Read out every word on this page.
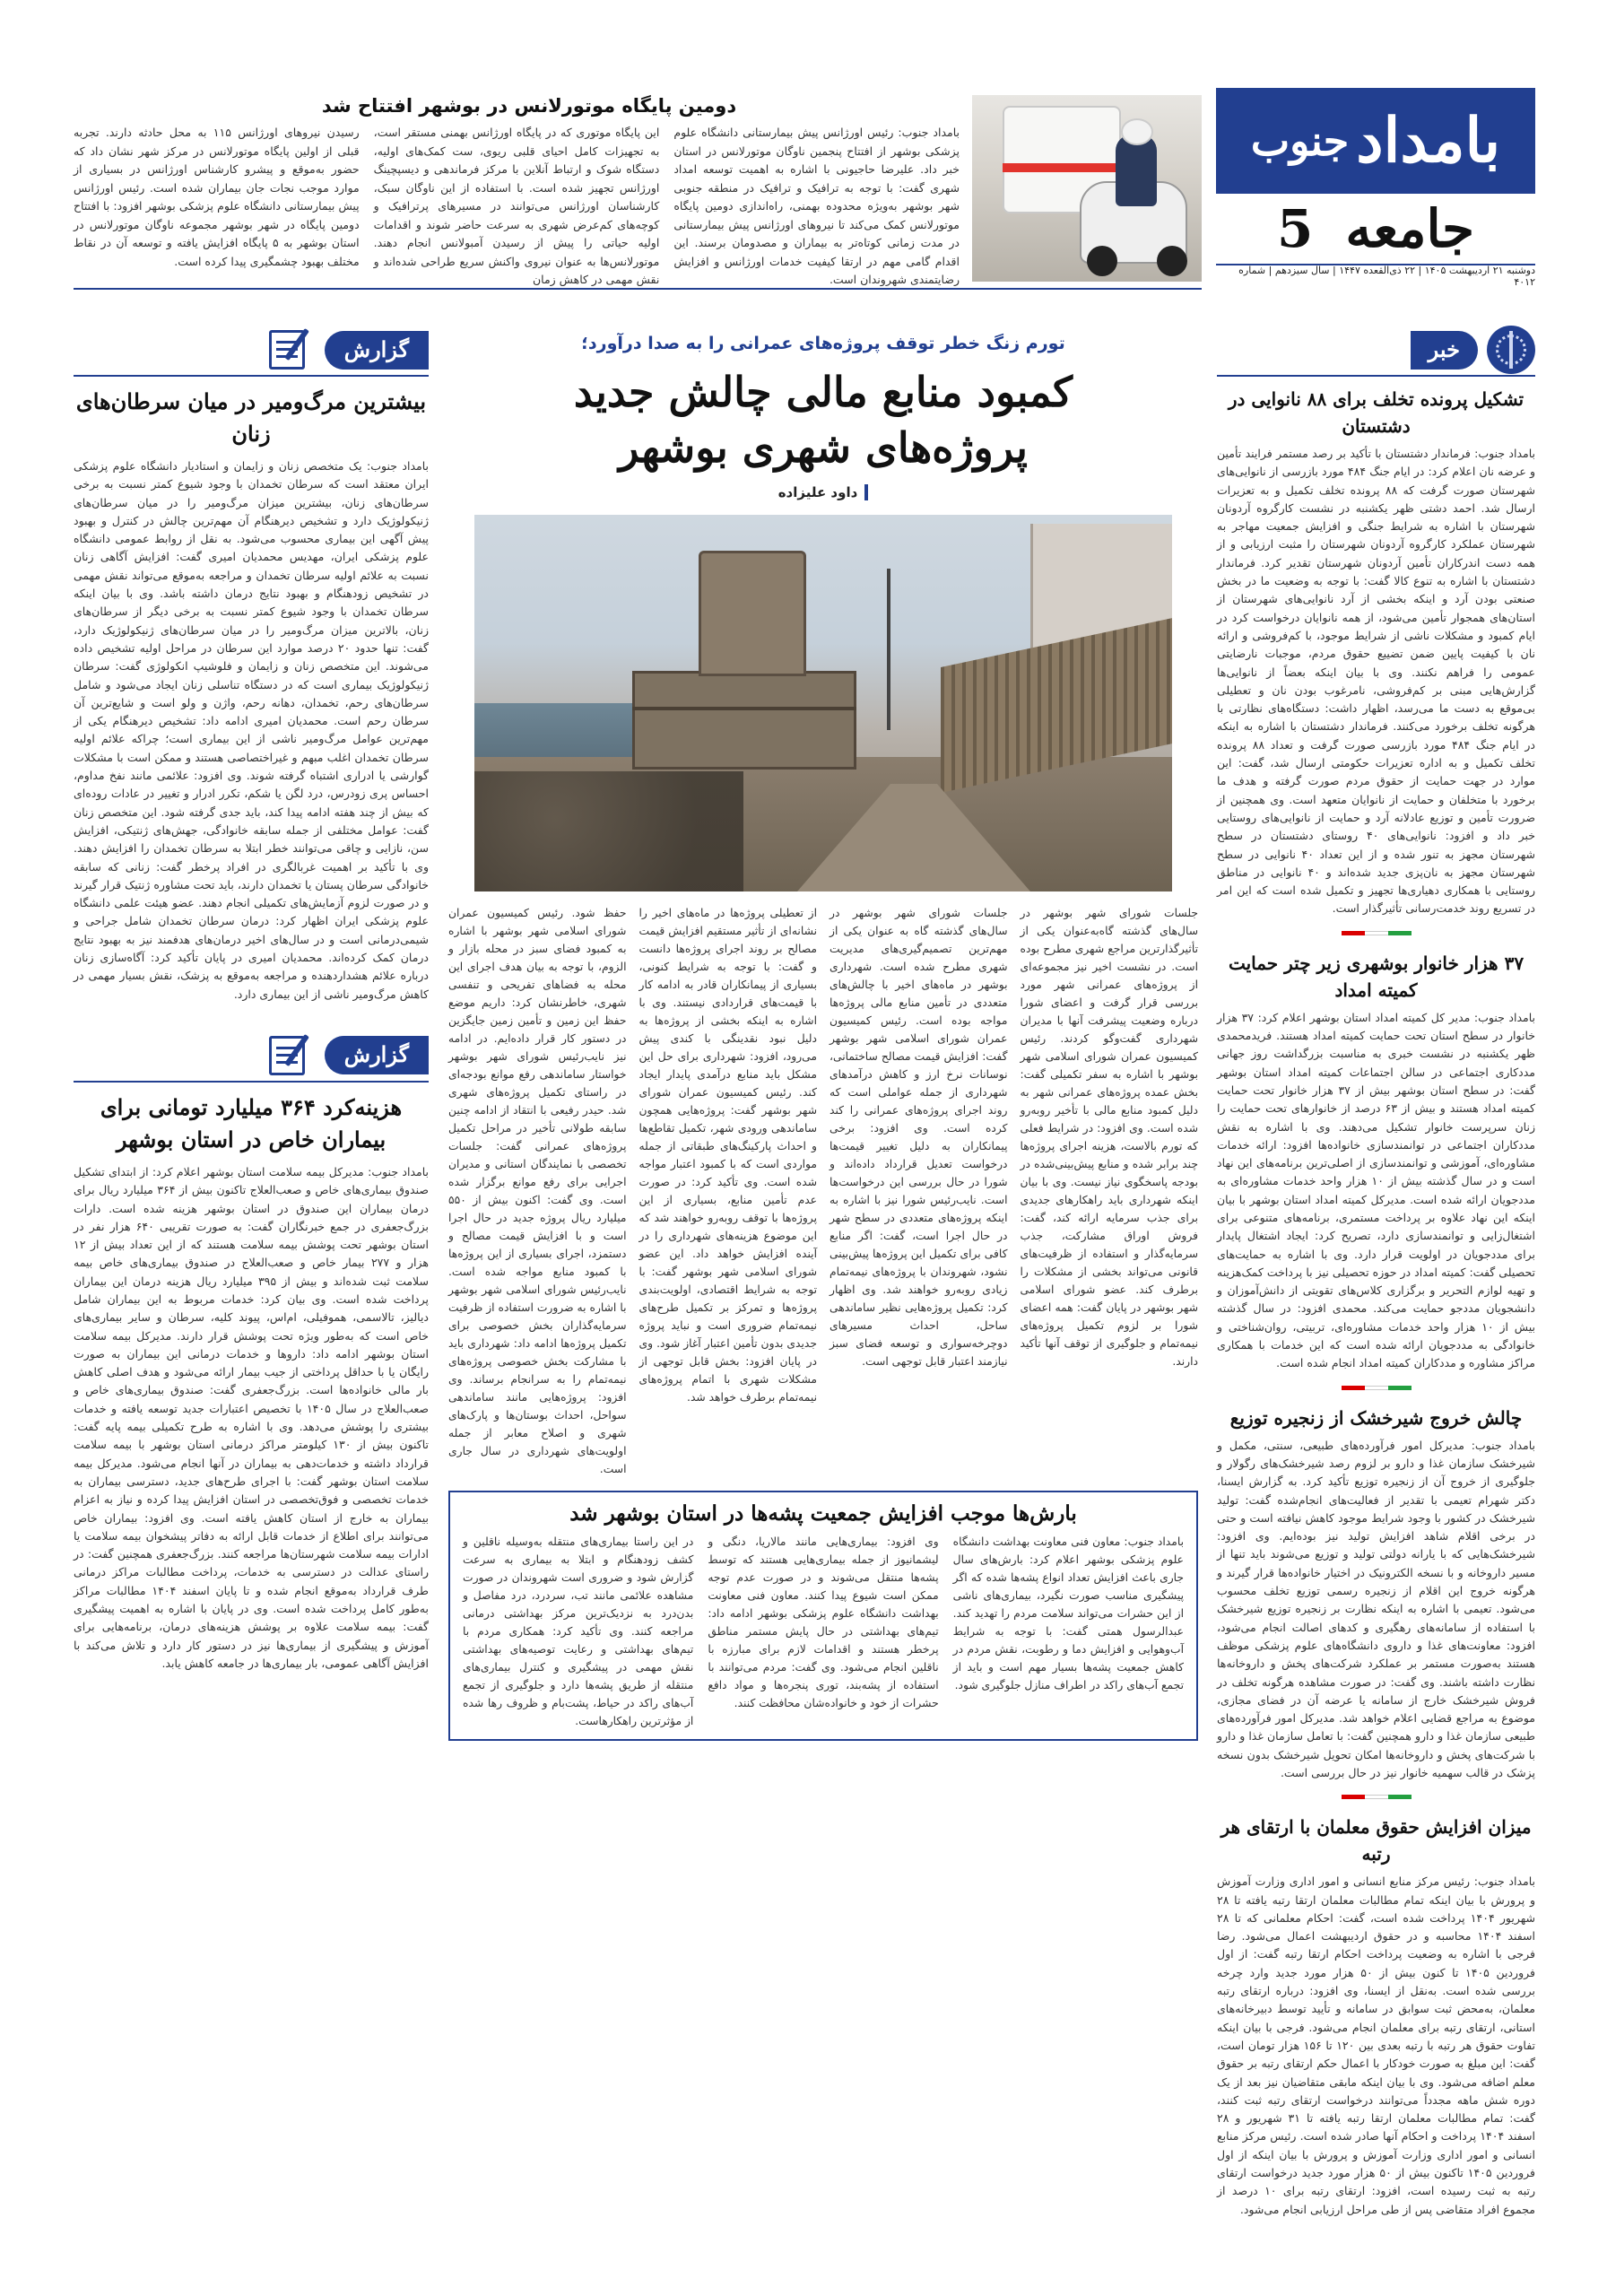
بامداد
جنوب
جامعه
5
دوشنبه ۲۱ اردیبهشت ۱۴۰۵ | ۲۲ ذی‌القعده ۱۴۴۷ | سال سیزدهم | شماره ۴۰۱۲
دومین پایگاه موتورلانس در بوشهر افتتاح شد

بامداد جنوب: رئیس اورژانس پیش بیمارستانی دانشگاه علوم پزشکی بوشهر از افتتاح پنجمین ناوگان موتورلانس در استان خبر داد. علیرضا حاجیونی با اشاره به اهمیت توسعه امداد شهری گفت: با توجه به ترافیک و ترافیک در منطقه جنوبی شهر بوشهر به‌ویژه محدوده بهمنی، راه‌اندازی دومین پایگاه موتورلانس کمک می‌کند تا نیروهای اورژانس پیش بیمارستانی در مدت زمانی کوتاه‌تر به بیماران و مصدومان برسند. این اقدام گامی مهم در ارتقا کیفیت خدمات اورژانس و افزایش رضایتمندی شهروندان است.

این پایگاه موتوری که در پایگاه اورژانس بهمنی مستقر است، به تجهیزات کامل احیای قلبی ریوی، ست کمک‌های اولیه، دستگاه شوک و ارتباط آنلاین با مرکز فرماندهی و دیسپچینگ اورژانس تجهیز شده است. با استفاده از این ناوگان سبک، کارشناسان اورژانس می‌توانند در مسیرهای پرترافیک و کوچه‌های کم‌عرض شهری به سرعت حاضر شوند و اقدامات اولیه حیاتی را پیش از رسیدن آمبولانس انجام دهند. موتورلانس‌ها به عنوان نیروی واکنش سریع طراحی شده‌اند و نقش مهمی در کاهش زمان

رسیدن نیروهای اورژانس ۱۱۵ به محل حادثه دارند. تجربه قبلی از اولین پایگاه موتورلانس در مرکز شهر نشان داد که حضور به‌موقع و پیشرو کارشناس اورژانس در بسیاری از موارد موجب نجات جان بیماران شده است. رئیس اورژانس پیش بیمارستانی دانشگاه علوم پزشکی بوشهر افزود: با افتتاح دومین پایگاه در شهر بوشهر مجموعه ناوگان موتورلانس در استان بوشهر به ۵ پایگاه افزایش یافته و توسعه آن در نقاط مختلف بهبود چشمگیری پیدا کرده است.

خبر
تشکیل پرونده تخلف برای ۸۸ نانوایی در دشتستان

بامداد جنوب: فرماندار دشتستان با تأکید بر رصد مستمر فرایند تأمین و عرضه نان اعلام کرد: در ایام جنگ ۴۸۴ مورد بازرسی از نانوایی‌های شهرستان صورت گرفت که ۸۸ پرونده تخلف تکمیل و به تعزیرات ارسال شد. احمد دشتی ظهر یکشنبه در نشست کارگروه آردونان شهرستان با اشاره به شرایط جنگی و افزایش جمعیت مهاجر به شهرستان عملکرد کارگروه آردونان شهرستان را مثبت ارزیابی و از همه دست اندرکاران تأمین آردونان شهرستان تقدیر کرد. فرماندار دشتستان با اشاره به تنوع کالا گفت: با توجه به وضعیت ما در بخش صنعتی بودن آرد و اینکه بخشی از آرد نانوایی‌های شهرستان از استان‌های همجوار تأمین می‌شود، از همه نانوایان درخواست کرد در ایام کمبود و مشکلات ناشی از شرایط موجود، با کم‌فروشی و ارائه نان با کیفیت پایین ضمن تضییع حقوق مردم، موجبات نارضایتی عمومی را فراهم نکنند. وی با بیان اینکه بعضاً از نانوایی‌ها گزارش‌هایی مبنی بر کم‌فروشی، نامرغوب بودن نان و تعطیلی بی‌موقع به دست ما می‌رسد، اظهار داشت: دستگاه‌های نظارتی با هرگونه تخلف برخورد می‌کنند. فرماندار دشتستان با اشاره به اینکه در ایام جنگ ۴۸۴ مورد بازرسی صورت گرفت و تعداد ۸۸ پرونده تخلف تکمیل و به اداره تعزیرات حکومتی ارسال شد، گفت: این موارد در جهت حمایت از حقوق مردم صورت گرفته و هدف ما برخورد با متخلفان و حمایت از نانوایان متعهد است. وی همچنین از ضرورت تأمین و توزیع عادلانه آرد و حمایت از نانوایی‌های روستایی خبر داد و افزود: نانوایی‌های ۴۰ روستای دشتستان در سطح شهرستان مجهز به تنور شده و از این تعداد ۴۰ نانوایی در سطح شهرستان مجهز به نان‌پزی جدید شده‌اند و ۴۰ نانوایی در مناطق روستایی با همکاری دهیاری‌ها تجهیز و تکمیل شده است که این امر در تسریع روند خدمت‌رسانی تأثیرگذار است.

۳۷ هزار خانوار بوشهری زیر چتر حمایت کمیته امداد

بامداد جنوب: مدیر کل کمیته امداد استان بوشهر اعلام کرد: ۳۷ هزار خانوار در سطح استان تحت حمایت کمیته امداد هستند. فریدمحمدی ظهر یکشنبه در نشست خبری به مناسبت بزرگداشت روز جهانی مددکاری اجتماعی در سالن اجتماعات کمیته امداد استان بوشهر گفت: در سطح استان بوشهر بیش از ۳۷ هزار خانوار تحت حمایت کمیته امداد هستند و بیش از ۶۳ درصد از خانوارهای تحت حمایت را زنان سرپرست خانوار تشکیل می‌دهند. وی با اشاره به نقش مددکاران اجتماعی در توانمندسازی خانواده‌ها افزود: ارائه خدمات مشاوره‌ای، آموزشی و توانمندسازی از اصلی‌ترین برنامه‌های این نهاد است و در سال گذشته بیش از ۱۰ هزار واحد خدمات مشاوره‌ای به مددجویان ارائه شده است. مدیرکل کمیته امداد استان بوشهر با بیان اینکه این نهاد علاوه بر پرداخت مستمری، برنامه‌های متنوعی برای اشتغال‌زایی و توانمندسازی دارد، تصریح کرد: ایجاد اشتغال پایدار برای مددجویان در اولویت قرار دارد. وی با اشاره به حمایت‌های تحصیلی گفت: کمیته امداد در حوزه تحصیلی نیز با پرداخت کمک‌هزینه و تهیه لوازم التحریر و برگزاری کلاس‌های تقویتی از دانش‌آموزان و دانشجویان مددجو حمایت می‌کند. محمدی افزود: در سال گذشته بیش از ۱۰ هزار واحد خدمات مشاوره‌ای، تربیتی، روان‌شناختی و خانوادگی به مددجویان ارائه شده است که این خدمات با همکاری مراکز مشاوره و مددکاران کمیته امداد انجام شده است.

چالش خروج شیرخشک از زنجیره توزیع

بامداد جنوب: مدیرکل امور فرآورده‌های طبیعی، سنتی، مکمل و شیرخشک سازمان غذا و دارو بر لزوم رصد شیرخشک‌های رگولار و جلوگیری از خروج آن از زنجیره توزیع تأکید کرد. به گزارش ایسنا، دکتر شهرام تعیمی با تقدیر از فعالیت‌های انجام‌شده گفت: تولید شیرخشک در کشور با وجود شرایط موجود کاهش نیافته است و حتی در برخی اقلام شاهد افزایش تولید نیز بوده‌ایم. وی افزود: شیرخشک‌هایی که با یارانه دولتی تولید و توزیع می‌شوند باید تنها از مسیر داروخانه و با نسخه الکترونیک در اختیار خانواده‌ها قرار گیرند و هرگونه خروج این اقلام از زنجیره رسمی توزیع تخلف محسوب می‌شود. تعیمی با اشاره به اینکه نظارت بر زنجیره توزیع شیرخشک با استفاده از سامانه‌های رهگیری و کدهای اصالت انجام می‌شود، افزود: معاونت‌های غذا و داروی دانشگاه‌های علوم پزشکی موظف هستند به‌صورت مستمر بر عملکرد شرکت‌های پخش و داروخانه‌ها نظارت داشته باشند. وی گفت: در صورت مشاهده هرگونه تخلف در فروش شیرخشک خارج از سامانه یا عرضه آن در فضای مجازی، موضوع به مراجع قضایی اعلام خواهد شد. مدیرکل امور فرآورده‌های طبیعی سازمان غذا و دارو همچنین گفت: با تعامل سازمان غذا و دارو با شرکت‌های پخش و داروخانه‌ها امکان تحویل شیرخشک بدون نسخه پزشک در قالب سهمیه خانوار نیز در حال بررسی است.

میزان افزایش حقوق معلمان با ارتقای هر رتبه

بامداد جنوب: رئیس مرکز منابع انسانی و امور اداری وزارت آموزش و پرورش با بیان اینکه تمام مطالبات معلمان ارتقا رتبه یافته تا ۲۸ شهریور ۱۴۰۴ پرداخت شده است، گفت: احکام معلمانی که تا ۲۸ اسفند ۱۴۰۴ محاسبه و در حقوق اردیبهشت اعمال می‌شود. رضا فرجی با اشاره به وضعیت پرداخت احکام ارتقا رتبه گفت: از اول فروردین ۱۴۰۵ تا کنون بیش از ۵۰ هزار مورد جدید وارد چرخه بررسی شده است. به‌نقل از ایسنا، وی افزود: درباره ارتقای رتبه معلمان، به‌محض ثبت سوابق در سامانه و تأیید توسط دبیرخانه‌های استانی، ارتقای رتبه برای معلمان انجام می‌شود. فرجی با بیان اینکه تفاوت حقوق هر رتبه با رتبه بعدی بین ۱۲۰ تا ۱۵۶ هزار تومان است، گفت: این مبلغ به صورت خودکار با اعمال حکم ارتقای رتبه بر حقوق معلم اضافه می‌شود. وی با بیان اینکه مابقی متقاضیان نیز بعد از یک دوره شش ماهه مجدداً می‌توانند درخواست ارتقای رتبه ثبت کنند، گفت: تمام مطالبات معلمان ارتقا رتبه یافته تا ۳۱ شهریور و ۲۸ اسفند ۱۴۰۴ پرداخت و احکام آنها صادر شده است. رئیس مرکز منابع انسانی و امور اداری وزارت آموزش و پرورش با بیان اینکه از اول فروردین ۱۴۰۵ تاکنون بیش از ۵۰ هزار مورد جدید درخواست ارتقای رتبه به ثبت رسیده است، افزود: ارتقای رتبه برای ۱۰ درصد از مجموع افراد متقاضی پس از طی مراحل ارزیابی انجام می‌شود.

گزارش
بیشترین مرگ‌ومیر در میان سرطان‌های زنان

بامداد جنوب: یک متخصص زنان و زایمان و استادیار دانشگاه علوم پزشکی ایران معتقد است که سرطان تخمدان با وجود شیوع کمتر نسبت به برخی سرطان‌های زنان، بیشترین میزان مرگ‌ومیر را در میان سرطان‌های ژنیکولوژیک دارد و تشخیص دیرهنگام آن مهم‌ترین چالش در کنترل و بهبود پیش آگهی این بیماری محسوب می‌شود. به نقل از روابط عمومی دانشگاه علوم پزشکی ایران، مهدیس محمدیان امیری گفت: افزایش آگاهی زنان نسبت به علائم اولیه سرطان تخمدان و مراجعه به‌موقع می‌تواند نقش مهمی در تشخیص زودهنگام و بهبود نتایج درمان داشته باشد. وی با بیان اینکه سرطان تخمدان با وجود شیوع کمتر نسبت به برخی دیگر از سرطان‌های زنان، بالاترین میزان مرگ‌ومیر را در میان سرطان‌های ژنیکولوژیک دارد، گفت: تنها حدود ۲۰ درصد موارد این سرطان در مراحل اولیه تشخیص داده می‌شوند. این متخصص زنان و زایمان و فلوشیپ انکولوژی گفت: سرطان ژنیکولوژیک بیماری است که در دستگاه تناسلی زنان ایجاد می‌شود و شامل سرطان‌های رحم، تخمدان، دهانه رحم، واژن و ولو است و شایع‌ترین آن سرطان رحم است. محمدیان امیری ادامه داد: تشخیص دیرهنگام یکی از مهم‌ترین عوامل مرگ‌ومیر ناشی از این بیماری است؛ چراکه علائم اولیه سرطان تخمدان اغلب مبهم و غیراختصاصی هستند و ممکن است با مشکلات گوارشی یا ادراری اشتباه گرفته شوند. وی افزود: علائمی مانند نفخ مداوم، احساس پری زودرس، درد لگن یا شکم، تکرر ادرار و تغییر در عادات روده‌ای که بیش از چند هفته ادامه پیدا کند، باید جدی گرفته شود. این متخصص زنان گفت: عوامل مختلفی از جمله سابقه خانوادگی، جهش‌های ژنتیکی، افزایش سن، نازایی و چاقی می‌توانند خطر ابتلا به سرطان تخمدان را افزایش دهند. وی با تأکید بر اهمیت غربالگری در افراد پرخطر گفت: زنانی که سابقه خانوادگی سرطان پستان یا تخمدان دارند، باید تحت مشاوره ژنتیک قرار گیرند و در صورت لزوم آزمایش‌های تکمیلی انجام دهند. عضو هیئت علمی دانشگاه علوم پزشکی ایران اظهار کرد: درمان سرطان تخمدان شامل جراحی و شیمی‌درمانی است و در سال‌های اخیر درمان‌های هدفمند نیز به بهبود نتایج درمان کمک کرده‌اند. محمدیان امیری در پایان تأکید کرد: آگاه‌سازی زنان درباره علائم هشداردهنده و مراجعه به‌موقع به پزشک، نقش بسیار مهمی در کاهش مرگ‌ومیر ناشی از این بیماری دارد.

گزارش
هزینه‌کرد ۳۶۴ میلیارد تومانی برای بیماران خاص در استان بوشهر

بامداد جنوب: مدیرکل بیمه سلامت استان بوشهر اعلام کرد: از ابتدای تشکیل صندوق بیماری‌های خاص و صعب‌العلاج تاکنون بیش از ۳۶۴ میلیارد ریال برای درمان بیماران این صندوق در استان بوشهر هزینه شده است. دارات بزرگ‌جعفری در جمع خبرنگاران گفت: به صورت تقریبی ۶۴۰ هزار نفر در استان بوشهر تحت پوشش بیمه سلامت هستند که از این تعداد بیش از ۱۲ هزار و ۲۷۷ بیمار خاص و صعب‌العلاج در صندوق بیماری‌های خاص بیمه سلامت ثبت شده‌اند و بیش از ۳۹۵ میلیارد ریال هزینه درمان این بیماران پرداخت شده است. وی بیان کرد: خدمات مربوط به این بیماران شامل دیالیز، تالاسمی، هموفیلی، ام‌اس، پیوند کلیه، سرطان و سایر بیماری‌های خاص است که به‌طور ویژه تحت پوشش قرار دارند. مدیرکل بیمه سلامت استان بوشهر ادامه داد: داروها و خدمات درمانی این بیماران به صورت رایگان یا با حداقل پرداختی از جیب بیمار ارائه می‌شود و هدف اصلی کاهش بار مالی خانواده‌ها است. بزرگ‌جعفری گفت: صندوق بیماری‌های خاص و صعب‌العلاج در سال ۱۴۰۵ با تخصیص اعتبارات جدید توسعه یافته و خدمات بیشتری را پوشش می‌دهد. وی با اشاره به طرح تکمیلی بیمه پایه گفت: تاکنون بیش از ۱۳۰ کیلومتر مراکز درمانی استان بوشهر با بیمه سلامت قرارداد داشته و خدمات‌دهی به بیماران در آنها انجام می‌شود. مدیرکل بیمه سلامت استان بوشهر گفت: با اجرای طرح‌های جدید، دسترسی بیماران به خدمات تخصصی و فوق‌تخصصی در استان افزایش پیدا کرده و نیاز به اعزام بیماران به خارج از استان کاهش یافته است. وی افزود: بیماران خاص می‌توانند برای اطلاع از خدمات قابل ارائه به دفاتر پیشخوان بیمه سلامت یا ادارات بیمه سلامت شهرستان‌ها مراجعه کنند. بزرگ‌جعفری همچنین گفت: در راستای عدالت در دسترسی به خدمات، پرداخت مطالبات مراکز درمانی طرف قرارداد به‌موقع انجام شده و تا پایان اسفند ۱۴۰۴ مطالبات مراکز به‌طور کامل پرداخت شده است. وی در پایان با اشاره به اهمیت پیشگیری گفت: بیمه سلامت علاوه بر پوشش هزینه‌های درمان، برنامه‌هایی برای آموزش و پیشگیری از بیماری‌ها نیز در دستور کار دارد و تلاش می‌کند با افزایش آگاهی عمومی، بار بیماری‌ها در جامعه کاهش یابد.

تورم زنگ خطر توقف پروژه‌های عمرانی را به صدا درآورد؛
کمبود منابع مالی چالش جدید
پروژه‌های شهری بوشهر
داود علیزاده

جلسات شورای شهر بوشهر در سال‌های گذشته گاه‌به‌عنوان یکی از تأثیرگذارترین مراجع شهری مطرح بوده است. در نشست اخیر نیز مجموعه‌ای از پروژه‌های عمرانی شهر مورد بررسی قرار گرفت و اعضای شورا درباره وضعیت پیشرفت آنها با مدیران شهرداری گفت‌وگو کردند. رئیس کمیسیون عمران شورای اسلامی شهر بوشهر با اشاره به سفر تکمیلی گفت: بخش عمده پروژه‌های عمرانی شهر به دلیل کمبود منابع مالی با تأخیر روبه‌رو شده است. وی افزود: در شرایط فعلی که تورم بالاست، هزینه اجرای پروژه‌ها چند برابر شده و منابع پیش‌بینی‌شده در بودجه پاسخگوی نیاز نیست. وی با بیان اینکه شهرداری باید راهکارهای جدیدی برای جذب سرمایه ارائه کند، گفت: فروش اوراق مشارکت، جذب سرمایه‌گذار و استفاده از ظرفیت‌های قانونی می‌تواند بخشی از مشکلات را برطرف کند. عضو شورای اسلامی شهر بوشهر در پایان گفت: همه اعضای شورا بر لزوم تکمیل پروژه‌های نیمه‌تمام و جلوگیری از توقف آنها تأکید دارند.

جلسات شورای شهر بوشهر در سال‌های گذشته گاه به عنوان یکی از مهم‌ترین تصمیم‌گیری‌های مدیریت شهری مطرح شده است. شهرداری بوشهر در ماه‌های اخیر با چالش‌های متعددی در تأمین منابع مالی پروژه‌ها مواجه بوده است. رئیس کمیسیون عمران شورای اسلامی شهر بوشهر گفت: افزایش قیمت مصالح ساختمانی، نوسانات نرخ ارز و کاهش درآمدهای شهرداری از جمله عواملی است که روند اجرای پروژه‌های عمرانی را کند کرده است. وی افزود: برخی پیمانکاران به دلیل تغییر قیمت‌ها درخواست تعدیل قرارداد داده‌اند و شورا در حال بررسی این درخواست‌ها است. نایب‌رئیس شورا نیز با اشاره به اینکه پروژه‌های متعددی در سطح شهر در حال اجرا است، گفت: اگر منابع کافی برای تکمیل این پروژه‌ها پیش‌بینی نشود، شهروندان با پروژه‌های نیمه‌تمام زیادی روبه‌رو خواهند شد. وی اظهار کرد: تکمیل پروژه‌هایی نظیر ساماندهی ساحل، احداث مسیرهای دوچرخه‌سواری و توسعه فضای سبز نیازمند اعتبار قابل توجهی است.

از تعطیلی پروژه‌ها در ماه‌های اخیر را نشانه‌ای از تأثیر مستقیم افزایش قیمت مصالح بر روند اجرای پروژه‌ها دانست و گفت: با توجه به شرایط کنونی، بسیاری از پیمانکاران قادر به ادامه کار با قیمت‌های قراردادی نیستند. وی با اشاره به اینکه بخشی از پروژه‌ها به دلیل نبود نقدینگی با کندی پیش می‌رود، افزود: شهرداری برای حل این مشکل باید منابع درآمدی پایدار ایجاد کند. رئیس کمیسیون عمران شورای شهر بوشهر گفت: پروژه‌هایی همچون ساماندهی ورودی شهر، تکمیل تقاطع‌ها و احداث پارکینگ‌های طبقاتی از جمله مواردی است که با کمبود اعتبار مواجه شده است. وی تأکید کرد: در صورت عدم تأمین منابع، بسیاری از این پروژه‌ها با توقف روبه‌رو خواهند شد که این موضوع هزینه‌های شهرداری را در آینده افزایش خواهد داد. این عضو شورای اسلامی شهر بوشهر گفت: با توجه به شرایط اقتصادی، اولویت‌بندی پروژه‌ها و تمرکز بر تکمیل طرح‌های نیمه‌تمام ضروری است و نباید پروژه جدیدی بدون تأمین اعتبار آغاز شود. وی در پایان افزود: بخش قابل توجهی از مشکلات شهری با اتمام پروژه‌های نیمه‌تمام برطرف خواهد شد.

حفظ شود. رئیس کمیسیون عمران شورای اسلامی شهر بوشهر با اشاره به کمبود فضای سبز در محله بازار و الزوم، با توجه به بیان هدف اجرای این محله به فضاهای تفریحی و تنفسی شهری، خاطرنشان کرد: داریم موضع حفظ این زمین و تأمین زمین جایگزین در دستور کار قرار داده‌ایم. در ادامه نیز نایب‌رئیس شورای شهر بوشهر خواستار ساماندهی رفع موانع بودجه‌ای در راستای تکمیل پروژه‌های شهری شد. حیدر رفیعی با انتقاد از ادامه چنین سابقه طولانی تأخیر در مراحل تکمیل پروژه‌های عمرانی گفت: جلسات تخصصی با نمایندگان استانی و مدیران اجرایی برای رفع موانع برگزار شده است. وی گفت: اکنون بیش از ۵۵۰ میلیارد ریال پروژه جدید در حال اجرا است و با افزایش قیمت مصالح و دستمزد، اجرای بسیاری از این پروژه‌ها با کمبود منابع مواجه شده است. نایب‌رئیس شورای اسلامی شهر بوشهر با اشاره به ضرورت استفاده از ظرفیت سرمایه‌گذاران بخش خصوصی برای تکمیل پروژه‌ها ادامه داد: شهرداری باید با مشارکت بخش خصوصی پروژه‌های نیمه‌تمام را به سرانجام برساند. وی افزود: پروژه‌هایی مانند ساماندهی سواحل، احداث بوستان‌ها و پارک‌های شهری و اصلاح معابر از جمله اولویت‌های شهرداری در سال جاری است.

بارش‌ها موجب افزایش جمعیت پشه‌ها در استان بوشهر شد

بامداد جنوب: معاون فنی معاونت بهداشت دانشگاه علوم پزشکی بوشهر اعلام کرد: بارش‌های سال جاری باعث افزایش تعداد انواع پشه‌ها شده که اگر پیشگیری مناسب صورت نگیرد، بیماری‌های ناشی از این حشرات می‌تواند سلامت مردم را تهدید کند. عبدالرسول همتی گفت: با توجه به شرایط آب‌وهوایی و افزایش دما و رطوبت، نقش مردم در کاهش جمعیت پشه‌ها بسیار مهم است و باید از تجمع آب‌های راکد در اطراف منازل جلوگیری شود.

وی افزود: بیماری‌هایی مانند مالاریا، دنگی و لیشمانیوز از جمله بیماری‌هایی هستند که توسط پشه‌ها منتقل می‌شوند و در صورت عدم توجه ممکن است شیوع پیدا کنند. معاون فنی معاونت بهداشت دانشگاه علوم پزشکی بوشهر ادامه داد: تیم‌های بهداشتی در حال پایش مستمر مناطق پرخطر هستند و اقدامات لازم برای مبارزه با ناقلین انجام می‌شود. وی گفت: مردم می‌توانند با استفاده از پشه‌بند، توری پنجره‌ها و مواد دافع حشرات از خود و خانواده‌شان محافظت کنند.

در این راستا بیماری‌های منتقله به‌وسیله ناقلین و کشف زودهنگام و ابتلا به بیماری به سرعت گزارش شود و ضروری است شهروندان در صورت مشاهده علائمی مانند تب، سردرد، درد مفاصل و بدن‌درد به نزدیک‌ترین مرکز بهداشتی درمانی مراجعه کنند. وی تأکید کرد: همکاری مردم با تیم‌های بهداشتی و رعایت توصیه‌های بهداشتی نقش مهمی در پیشگیری و کنترل بیماری‌های منتقله از طریق پشه‌ها دارد و جلوگیری از تجمع آب‌های راکد در حیاط، پشت‌بام و ظروف رها شده از مؤثرترین راهکارهاست.
